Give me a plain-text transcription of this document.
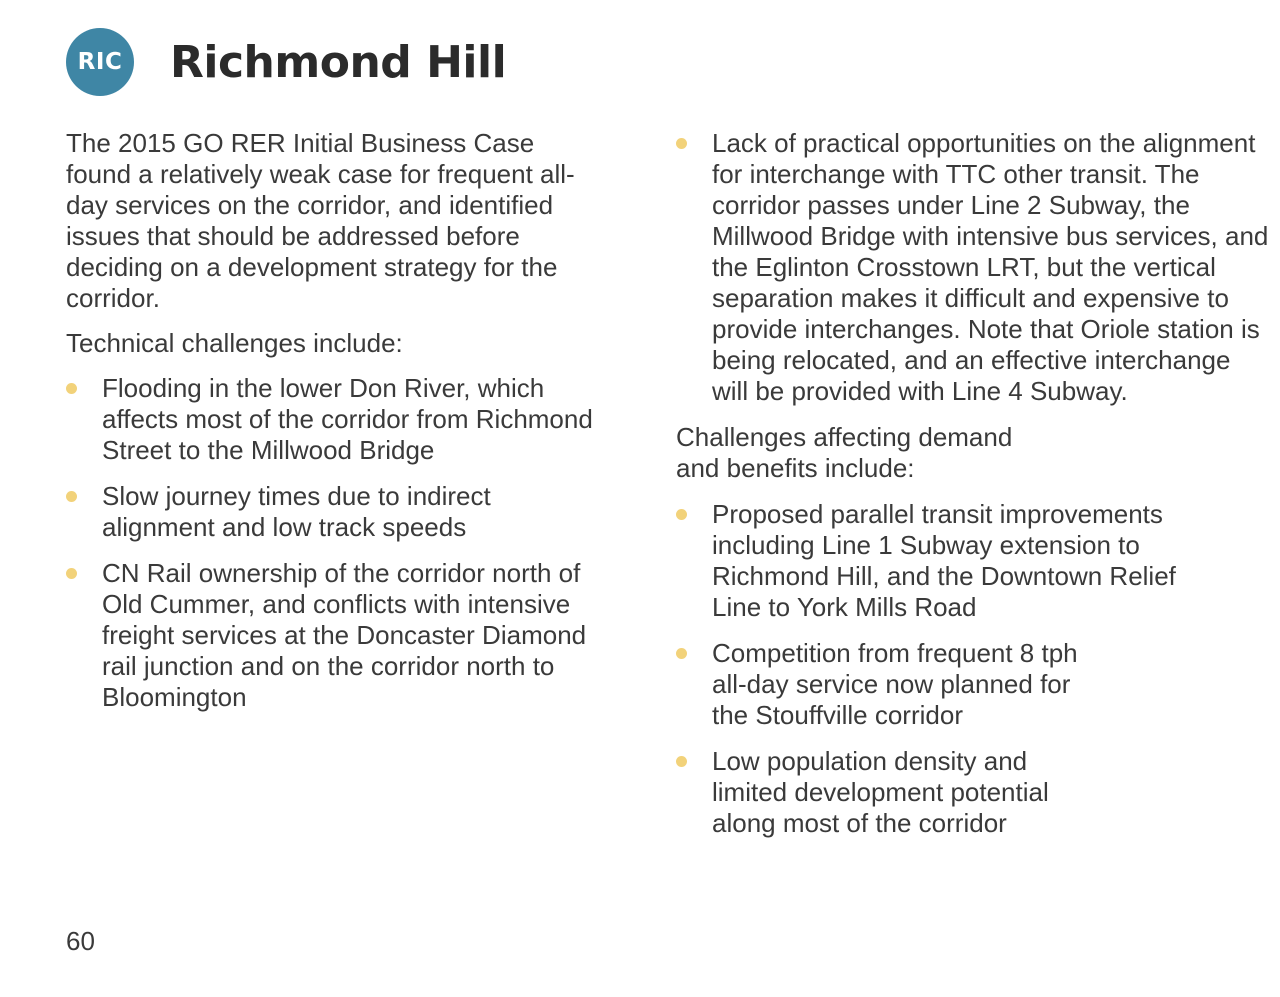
RIC Richmond Hill

The 2015 GO RER Initial Business Case found a relatively weak case for frequent all-day services on the corridor, and identified issues that should be addressed before deciding on a development strategy for the corridor.

Technical challenges include:

Flooding in the lower Don River, which affects most of the corridor from Richmond Street to the Millwood Bridge
Slow journey times due to indirect alignment and low track speeds
CN Rail ownership of the corridor north of Old Cummer, and conflicts with intensive freight services at the Doncaster Diamond rail junction and on the corridor north to Bloomington
Lack of practical opportunities on the alignment for interchange with TTC other transit. The corridor passes under Line 2 Subway, the Millwood Bridge with intensive bus services, and the Eglinton Crosstown LRT, but the vertical separation makes it difficult and expensive to provide interchanges. Note that Oriole station is being relocated, and an effective interchange will be provided with Line 4 Subway.

Challenges affecting demand and benefits include:

Proposed parallel transit improvements including Line 1 Subway extension to Richmond Hill, and the Downtown Relief Line to York Mills Road
Competition from frequent 8 tph all-day service now planned for the Stouffville corridor
Low population density and limited development potential along most of the corridor
60
